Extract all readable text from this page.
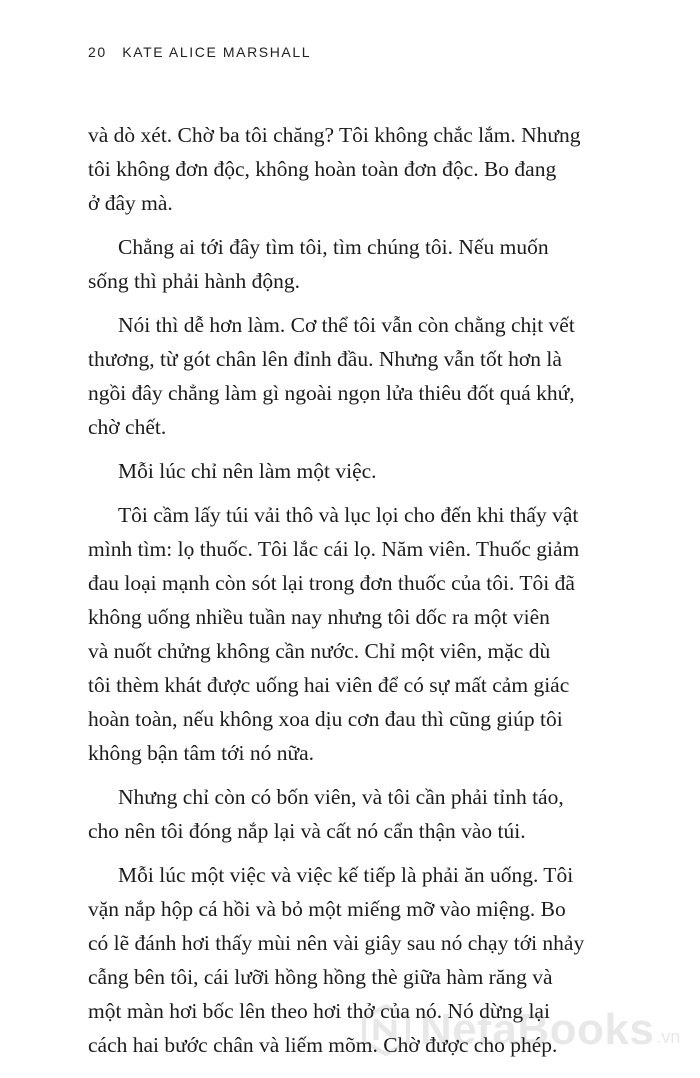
20 KATE ALICE MARSHALL
và dò xét. Chờ ba tôi chăng? Tôi không chắc lắm. Nhưng
tôi không đơn độc, không hoàn toàn đơn độc. Bo đang
ở đây mà.
Chẳng ai tới đây tìm tôi, tìm chúng tôi. Nếu muốn
sống thì phải hành động.
Nói thì dễ hơn làm. Cơ thể tôi vẫn còn chằng chịt vết
thương, từ gót chân lên đỉnh đầu. Nhưng vẫn tốt hơn là
ngồi đây chẳng làm gì ngoài ngọn lửa thiêu đốt quá khứ,
chờ chết.
Mỗi lúc chỉ nên làm một việc.
Tôi cầm lấy túi vải thô và lục lọi cho đến khi thấy vật
mình tìm: lọ thuốc. Tôi lắc cái lọ. Năm viên. Thuốc giảm
đau loại mạnh còn sót lại trong đơn thuốc của tôi. Tôi đã
không uống nhiều tuần nay nhưng tôi dốc ra một viên
và nuốt chửng không cần nước. Chỉ một viên, mặc dù
tôi thèm khát được uống hai viên để có sự mất cảm giác
hoàn toàn, nếu không xoa dịu cơn đau thì cũng giúp tôi
không bận tâm tới nó nữa.
Nhưng chỉ còn có bốn viên, và tôi cần phải tỉnh táo,
cho nên tôi đóng nắp lại và cất nó cẩn thận vào túi.
Mỗi lúc một việc và việc kế tiếp là phải ăn uống. Tôi
vặn nắp hộp cá hồi và bỏ một miếng mỡ vào miệng. Bo
có lẽ đánh hơi thấy mùi nên vài giây sau nó chạy tới nhảy
cẫng bên tôi, cái lưỡi hồng hồng thè giữa hàm răng và
một màn hơi bốc lên theo hơi thở của nó. Nó dừng lại
cách hai bước chân và liếm mõm. Chờ được cho phép.
NetaBooks .vn
